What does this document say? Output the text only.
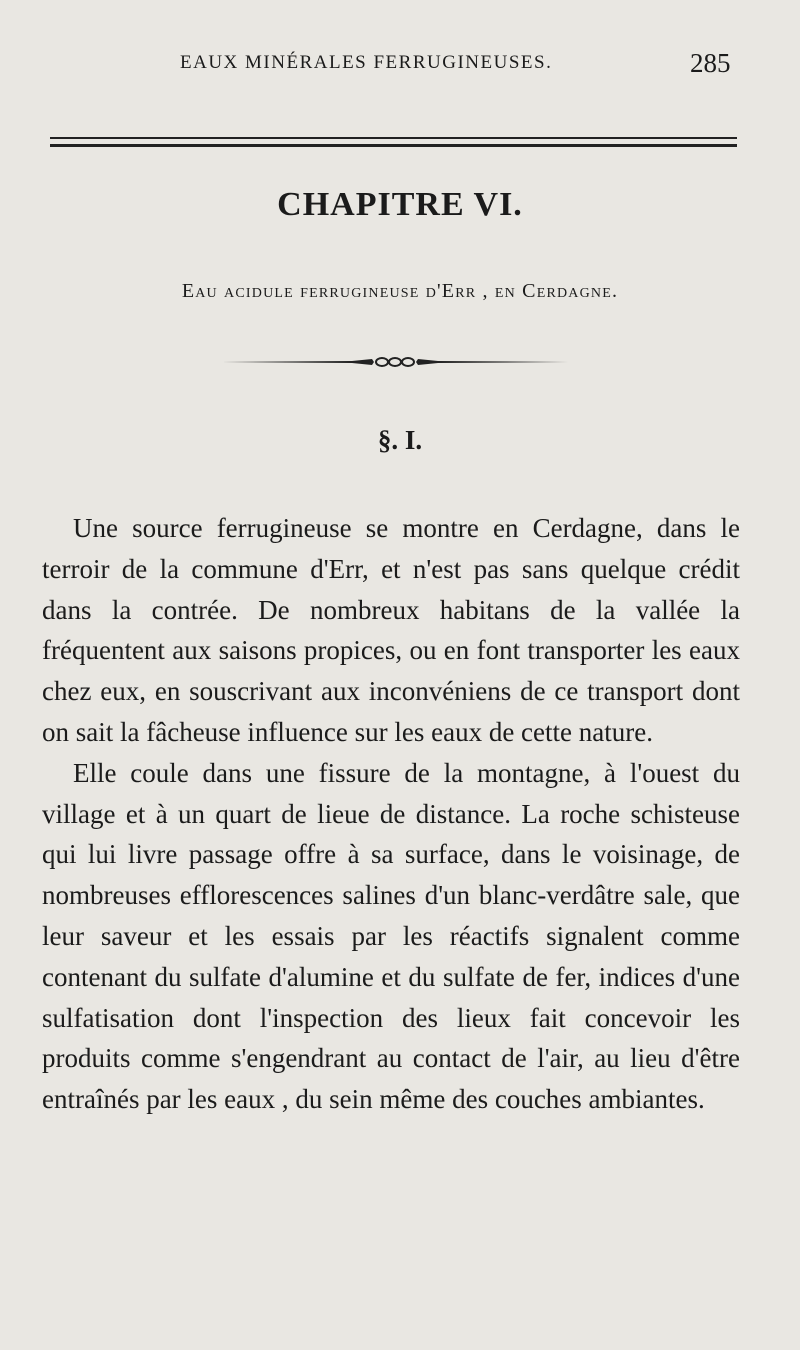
EAUX MINÉRALES FERRUGINEUSES.	285
CHAPITRE VI.
Eau acidule ferrugineuse d'Err , en Cerdagne.
§. I.

Une source ferrugineuse se montre en Cerdagne, dans le terroir de la commune d'Err, et n'est pas sans quelque crédit dans la contrée. De nombreux habitans de la vallée la fréquentent aux saisons propices, ou en font transporter les eaux chez eux, en souscrivant aux inconvéniens de ce transport dont on sait la fâcheuse influence sur les eaux de cette nature.

Elle coule dans une fissure de la montagne, à l'ouest du village et à un quart de lieue de distance. La roche schisteuse qui lui livre passage offre à sa surface, dans le voisinage, de nombreuses efflorescences salines d'un blanc-verdâtre sale, que leur saveur et les essais par les réactifs signalent comme contenant du sulfate d'alumine et du sulfate de fer, indices d'une sulfatisation dont l'inspection des lieux fait concevoir les produits comme s'engendrant au contact de l'air, au lieu d'être entraînés par les eaux , du sein même des couches ambiantes.
